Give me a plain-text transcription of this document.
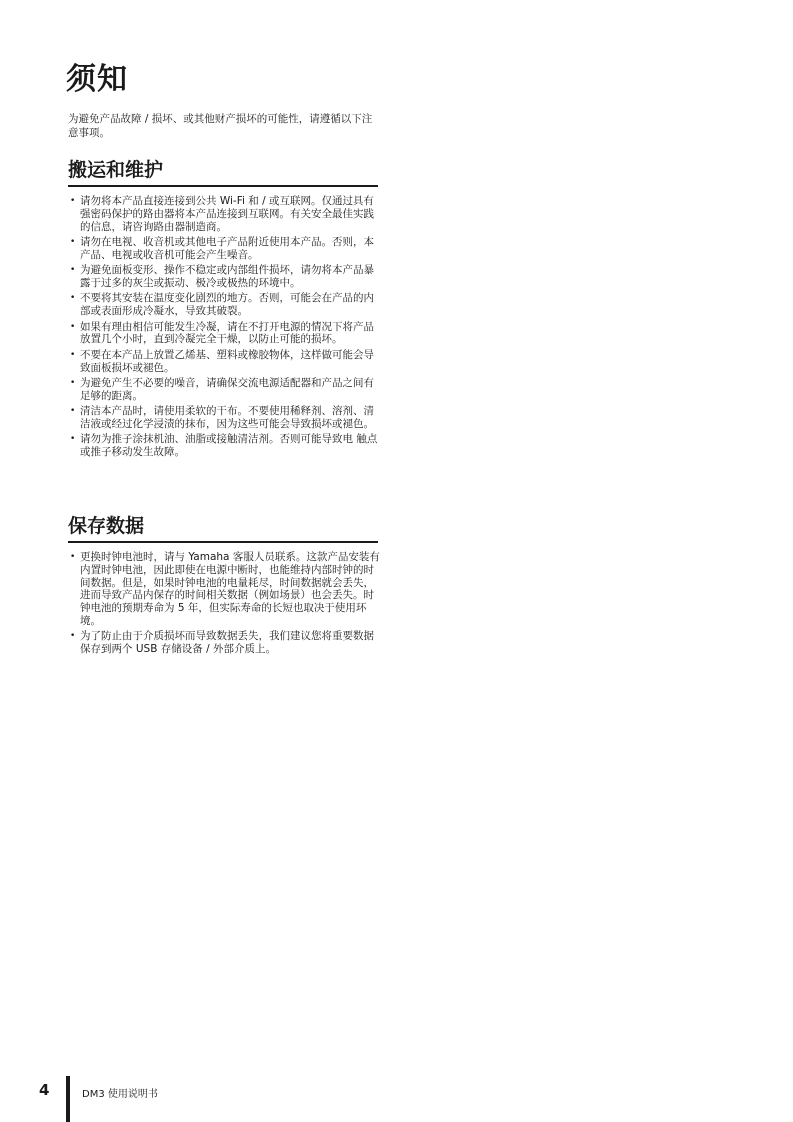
须知

为避免产品故障 / 损坏、或其他财产损坏的可能性，请遵循以下注意事项。

搬运和维护
• 请勿将本产品直接连接到公共 Wi-Fi 和 / 或互联网。仅通过具有强密码保护的路由器将本产品连接到互联网。有关安全最佳实践的信息，请咨询路由器制造商。
• 请勿在电视、收音机或其他电子产品附近使用本产品。否则，本产品、电视或收音机可能会产生噪音。
• 为避免面板变形、操作不稳定或内部组件损坏，请勿将本产品暴露于过多的灰尘或振动、极冷或极热的环境中。
• 不要将其安装在温度变化剧烈的地方。否则，可能会在产品的内部或表面形成冷凝水，导致其破裂。
• 如果有理由相信可能发生冷凝，请在不打开电源的情况下将产品放置几个小时，直到冷凝完全干燥，以防止可能的损坏。
• 不要在本产品上放置乙烯基、塑料或橡胶物体，这样做可能会导致面板损坏或褪色。
• 为避免产生不必要的噪音，请确保交流电源适配器和产品之间有足够的距离。
• 清洁本产品时，请使用柔软的干布。不要使用稀释剂、溶剂、清洁液或经过化学浸渍的抹布，因为这些可能会导致损坏或褪色。
• 请勿为推子涂抹机油、油脂或接触清洁剂。否则可能导致电 触点或推子移动发生故障。
保存数据
• 更换时钟电池时，请与 Yamaha 客服人员联系。这款产品安装有内置时钟电池，因此即使在电源中断时，也能维持内部时钟的时间数据。但是，如果时钟电池的电量耗尽，时间数据就会丢失，进而导致产品内保存的时间相关数据（例如场景）也会丢失。时钟电池的预期寿命为 5 年，但实际寿命的长短也取决于使用环境。
• 为了防止由于介质损坏而导致数据丢失，我们建议您将重要数据保存到两个 USB 存储设备 / 外部介质上。

4	DM3 使用说明书
